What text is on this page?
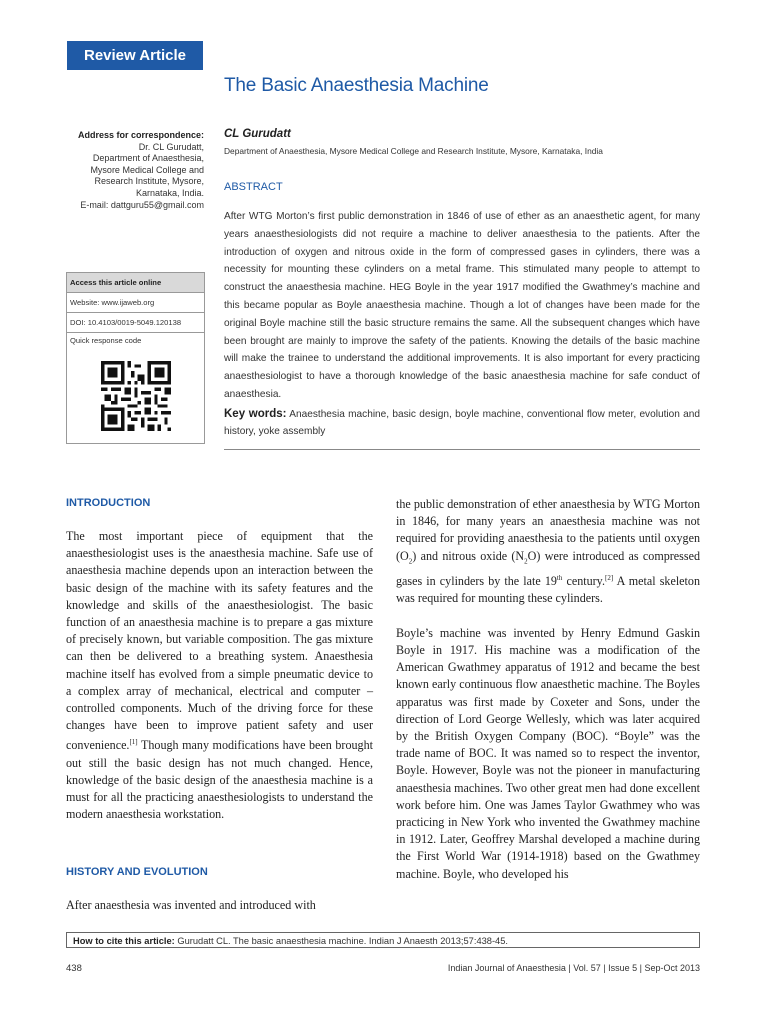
Review Article
The Basic Anaesthesia Machine
Address for correspondence:
Dr. CL Gurudatt,
Department of Anaesthesia,
Mysore Medical College and
Research Institute, Mysore,
Karnataka, India.
E-mail: dattguru55@gmail.com
CL Gurudatt
Department of Anaesthesia, Mysore Medical College and Research Institute, Mysore, Karnataka, India
ABSTRACT
After WTG Morton’s first public demonstration in 1846 of use of ether as an anaesthetic agent, for many years anaesthesiologists did not require a machine to deliver anaesthesia to the patients. After the introduction of oxygen and nitrous oxide in the form of compressed gases in cylinders, there was a necessity for mounting these cylinders on a metal frame. This stimulated many people to attempt to construct the anaesthesia machine. HEG Boyle in the year 1917 modified the Gwathmey’s machine and this became popular as Boyle anaesthesia machine. Though a lot of changes have been made for the original Boyle machine still the basic structure remains the same. All the subsequent changes which have been brought are mainly to improve the safety of the patients. Knowing the details of the basic machine will make the trainee to understand the additional improvements. It is also important for every practicing anaesthesiologist to have a thorough knowledge of the basic anaesthesia machine for safe conduct of anaesthesia.
Key words: Anaesthesia machine, basic design, boyle machine, conventional flow meter, evolution and history, yoke assembly
Access this article online
Website: www.ijaweb.org
DOI: 10.4103/0019-5049.120138
Quick response code
INTRODUCTION

The most important piece of equipment that the anaesthesiologist uses is the anaesthesia machine. Safe use of anaesthesia machine depends upon an interaction between the basic design of the machine with its safety features and the knowledge and skills of the anaesthesiologist. The basic function of an anaesthesia machine is to prepare a gas mixture of precisely known, but variable composition. The gas mixture can then be delivered to a breathing system. Anaesthesia machine itself has evolved from a simple pneumatic device to a complex array of mechanical, electrical and computer – controlled components. Much of the driving force for these changes have been to improve patient safety and user convenience.[1] Though many modifications have been brought out still the basic design has not much changed. Hence, knowledge of the basic design of the anaesthesia machine is a must for all the practicing anaesthesiologists to understand the modern anaesthesia workstation.

HISTORY AND EVOLUTION
After anaesthesia was invented and introduced with

the public demonstration of ether anaesthesia by WTG Morton in 1846, for many years an anaesthesia machine was not required for providing anaesthesia to the patients until oxygen $(O_2)$ and nitrous oxide $(N_2O)$ were introduced as compressed gases in cylinders by the late 19th century.[2] A metal skeleton was required for mounting these cylinders.

Boyle’s machine was invented by Henry Edmund Gaskin Boyle in 1917. His machine was a modification of the American Gwathmey apparatus of 1912 and became the best known early continuous flow anaesthetic machine. The Boyles apparatus was first made by Coxeter and Sons, under the direction of Lord George Wellesly, which was later acquired by the British Oxygen Company (BOC). “Boyle” was the trade name of BOC. It was named so to respect the inventor, Boyle. However, Boyle was not the pioneer in manufacturing anaesthesia machines. Two other great men had done excellent work before him. One was James Taylor Gwathmey who was practicing in New York who invented the Gwathmey machine in 1912. Later, Geoffrey Marshal developed a machine during the First World War (1914-1918) based on the Gwathmey machine. Boyle, who developed his

How to cite this article: Gurudatt CL. The basic anaesthesia machine. Indian J Anaesth 2013;57:438-45.
438	Indian Journal of Anaesthesia | Vol. 57 | Issue 5 | Sep-Oct 2013
